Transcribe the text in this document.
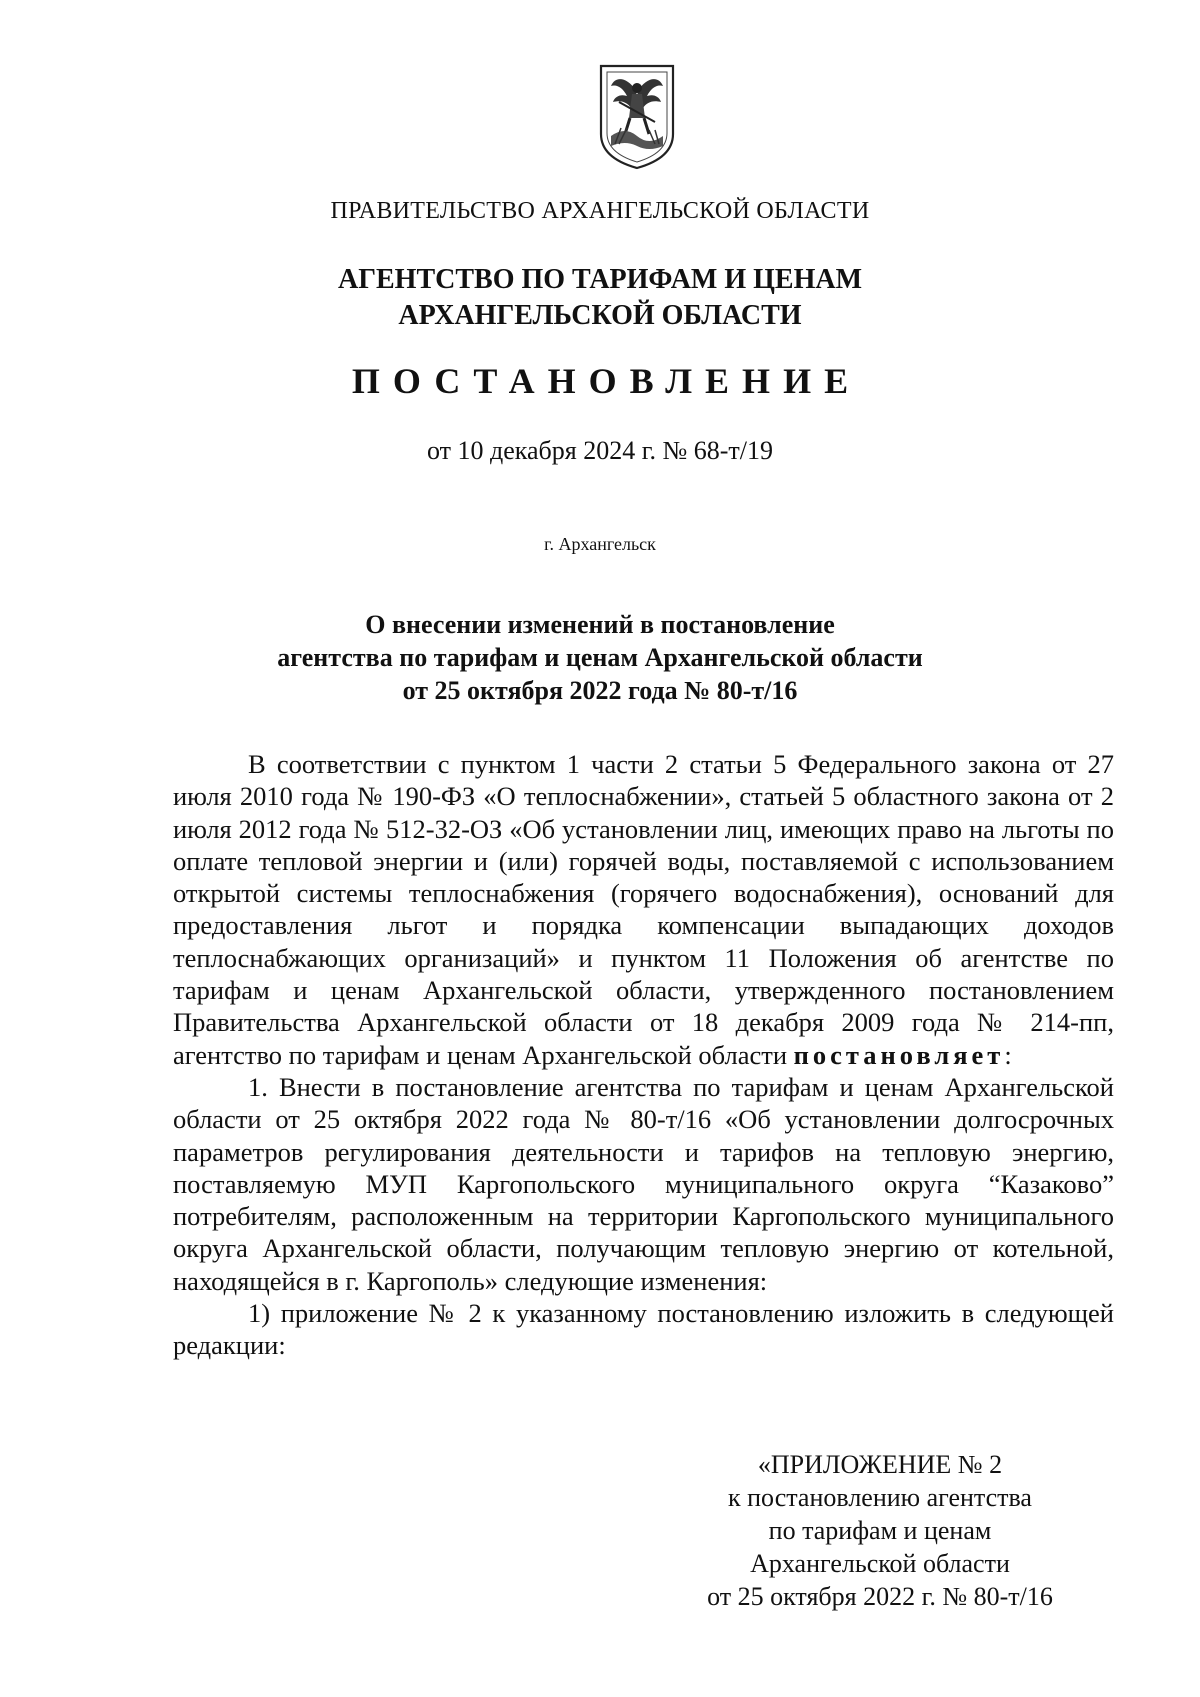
ПРАВИТЕЛЬСТВО АРХАНГЕЛЬСКОЙ ОБЛАСТИ
АГЕНТСТВО ПО ТАРИФАМ И ЦЕНАМ
АРХАНГЕЛЬСКОЙ ОБЛАСТИ
ПОСТАНОВЛЕНИЕ
от 10 декабря 2024 г. № 68-т/19
г. Архангельск
О внесении изменений в постановление
агентства по тарифам и ценам Архангельской области
от 25 октября 2022 года № 80-т/16

В соответствии с пунктом 1 части 2 статьи 5 Федерального закона от 27 июля 2010 года № 190-ФЗ «О теплоснабжении», статьей 5 областного закона от 2 июля 2012 года № 512-32-ОЗ «Об установлении лиц, имеющих право на льготы по оплате тепловой энергии и (или) горячей воды, поставляемой с использованием открытой системы теплоснабжения (горячего водоснабжения), оснований для предоставления льгот и порядка компенсации выпадающих доходов теплоснабжающих организаций» и пунктом 11 Положения об агентстве по тарифам и ценам Архангельской области, утвержденного постановлением Правительства Архангельской области от 18 декабря 2009 года № 214-пп, агентство по тарифам и ценам Архангельской области постановляет:

1. Внести в постановление агентства по тарифам и ценам Архангельской области от 25 октября 2022 года № 80-т/16 «Об установлении долгосрочных параметров регулирования деятельности и тарифов на тепловую энергию, поставляемую МУП Каргопольского муниципального округа “Казаково” потребителям, расположенным на территории Каргопольского муниципального округа Архангельской области, получающим тепловую энергию от котельной, находящейся в г. Каргополь» следующие изменения:

1) приложение № 2 к указанному постановлению изложить в следующей редакции:

«ПРИЛОЖЕНИЕ № 2
к постановлению агентства
по тарифам и ценам
Архангельской области
от 25 октября 2022 г. № 80-т/16
